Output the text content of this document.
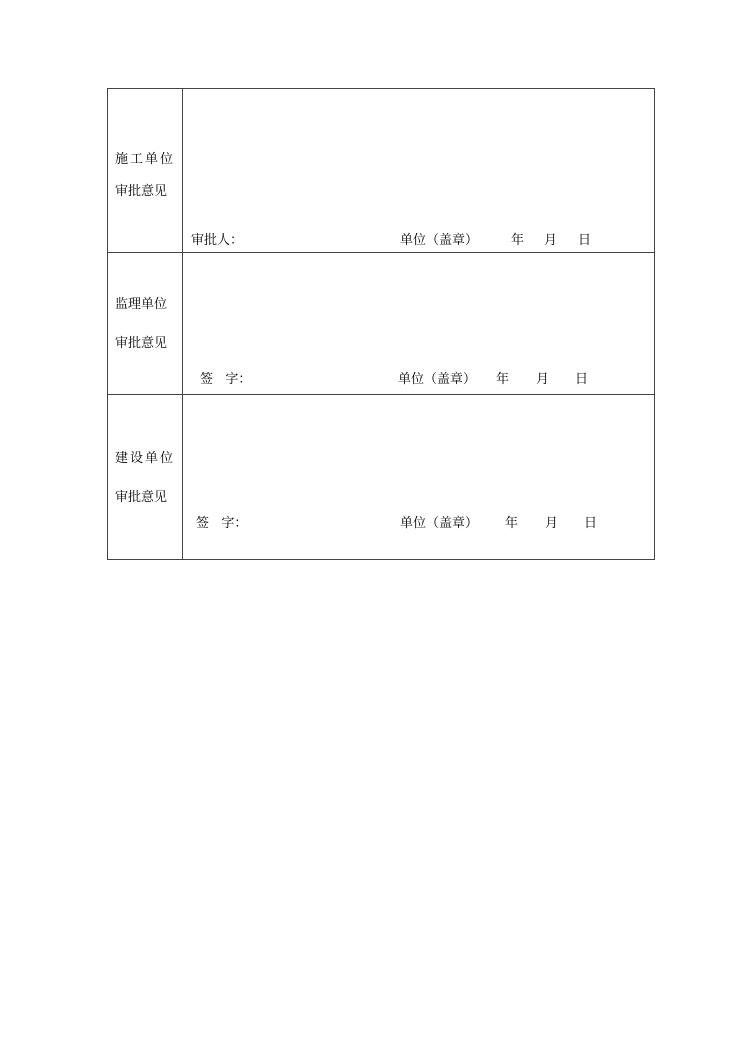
施工单位
审批意见
审批人：	单位（盖章）	年 月 日
监理单位
审批意见
签   字：	单位（盖章） 年 月 日
建设单位
审批意见
签   字：	单位（盖章） 年 月 日
